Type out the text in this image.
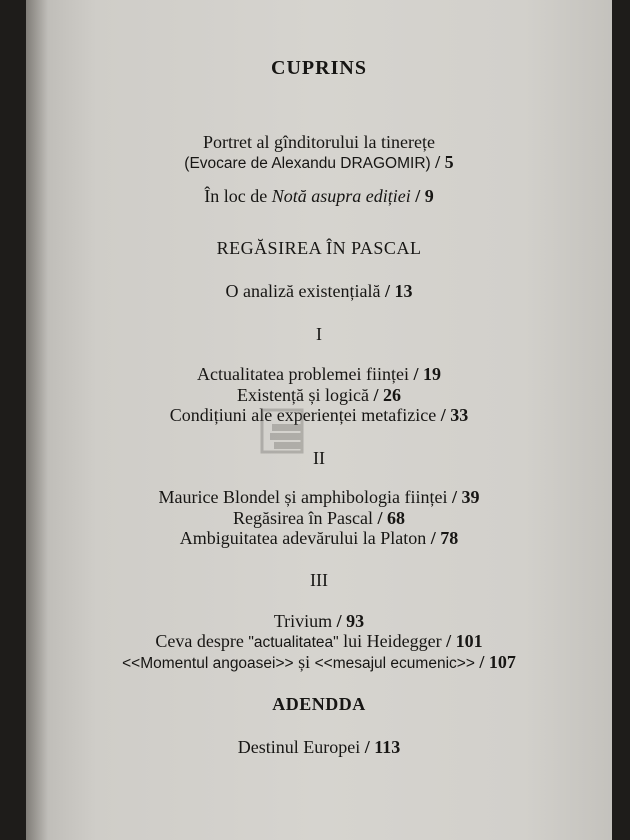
CUPRINS
Portret al gînditorului la tinerețe
(Evocare de Alexandu DRAGOMIR) / 5
În loc de Notă asupra ediției / 9
REGĂSIREA ÎN PASCAL
O analiză existențială / 13
I
Actualitatea problemei ființei / 19
Existență și logică / 26
Condițiuni ale experienței metafizice / 33
II
Maurice Blondel și amphibologia ființei / 39
Regăsirea în Pascal / 68
Ambiguitatea adevărului la Platon / 78
III
Trivium / 93
Ceva despre "actualitatea" lui Heidegger / 101
<<Momentul angoasei>> și <<mesajul ecumenic>> / 107
ADENDDA
Destinul Europei / 113
